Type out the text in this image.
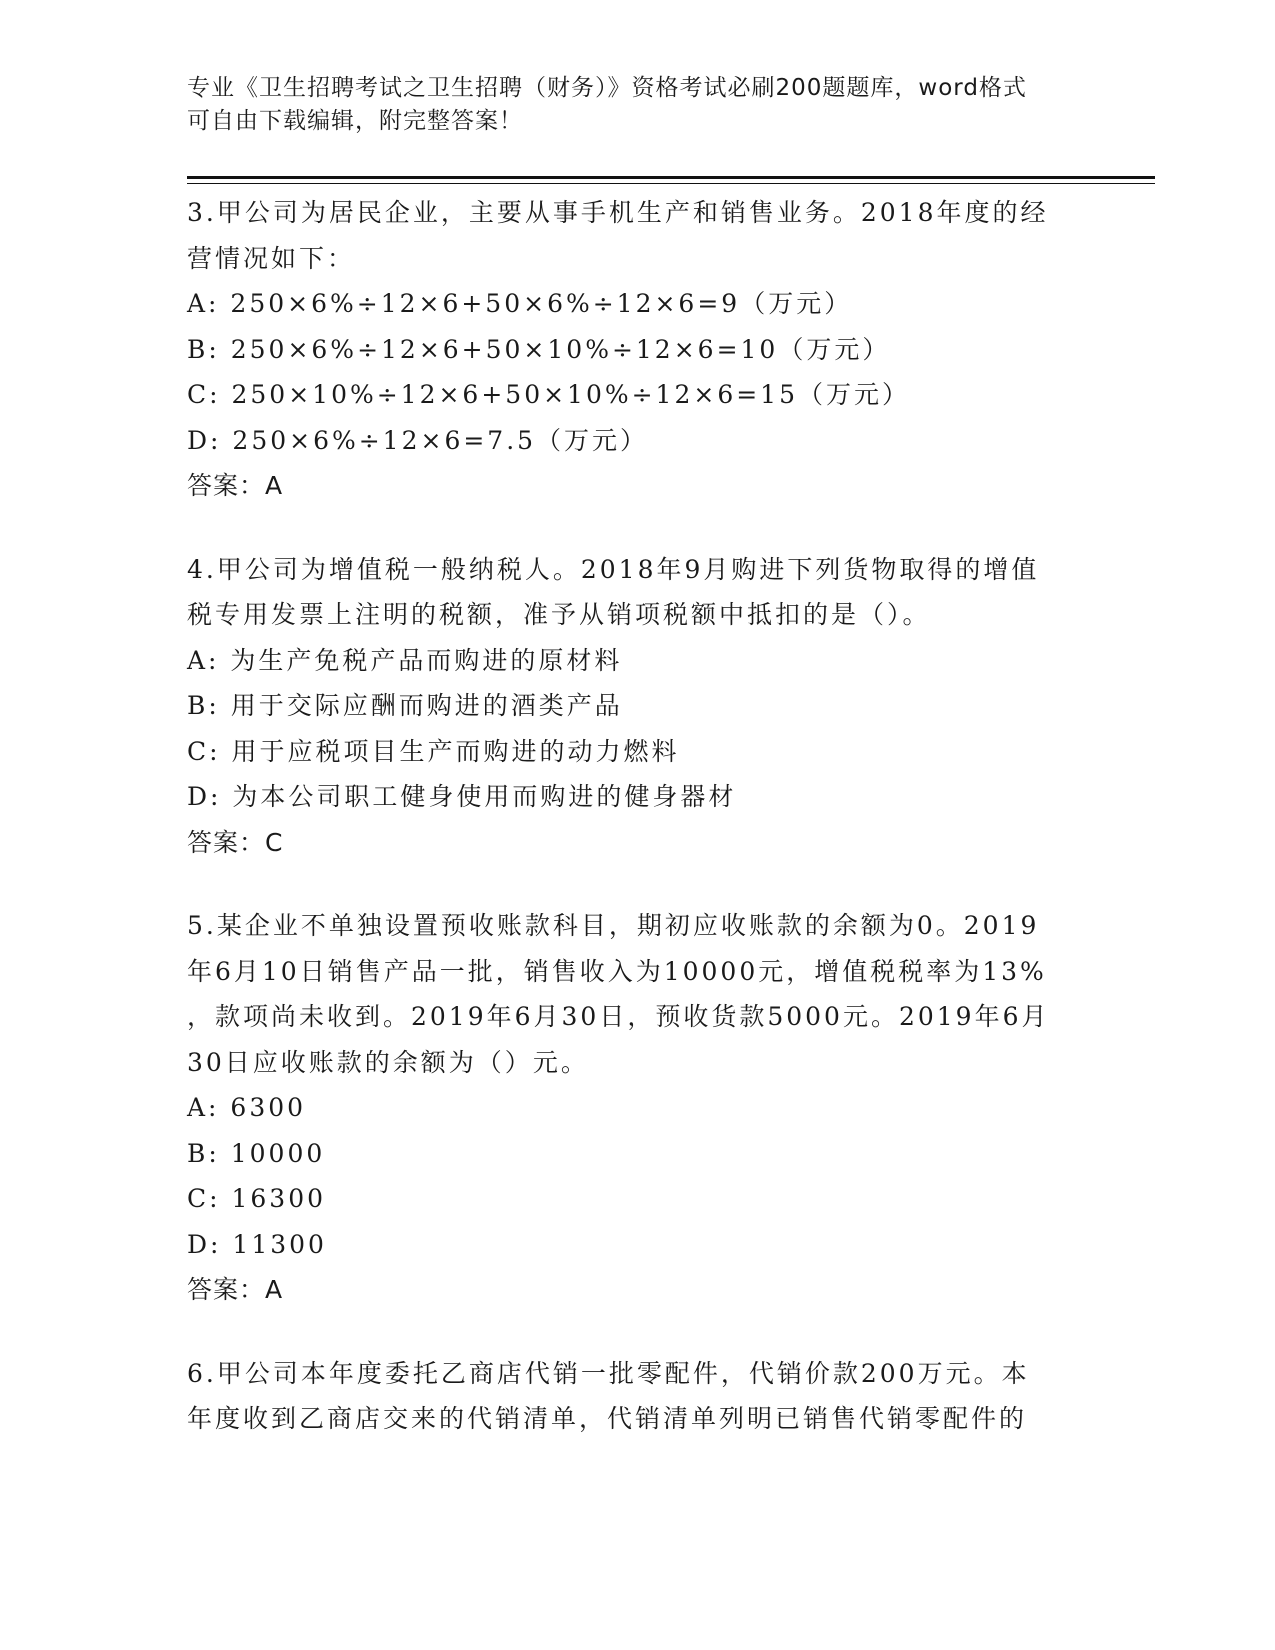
专业《卫生招聘考试之卫生招聘（财务）》资格考试必刷200题题库，word格式
可自由下载编辑，附完整答案！
3.甲公司为居民企业，主要从事手机生产和销售业务。2018年度的经
营情况如下：
A: 250×6%÷12×6+50×6%÷12×6=9（万元）
B: 250×6%÷12×6+50×10%÷12×6=10（万元）
C: 250×10%÷12×6+50×10%÷12×6=15（万元）
D: 250×6%÷12×6=7.5（万元）
答案：A
4.甲公司为增值税一般纳税人。2018年9月购进下列货物取得的增值
税专用发票上注明的税额，准予从销项税额中抵扣的是（）。
A: 为生产免税产品而购进的原材料
B: 用于交际应酬而购进的酒类产品
C: 用于应税项目生产而购进的动力燃料
D: 为本公司职工健身使用而购进的健身器材
答案：C
5.某企业不单独设置预收账款科目，期初应收账款的余额为0。2019
年6月10日销售产品一批，销售收入为10000元，增值税税率为13%
，款项尚未收到。2019年6月30日，预收货款5000元。2019年6月
30日应收账款的余额为（）元。
A: 6300
B: 10000
C: 16300
D: 11300
答案：A
6.甲公司本年度委托乙商店代销一批零配件，代销价款200万元。本
年度收到乙商店交来的代销清单，代销清单列明已销售代销零配件的
